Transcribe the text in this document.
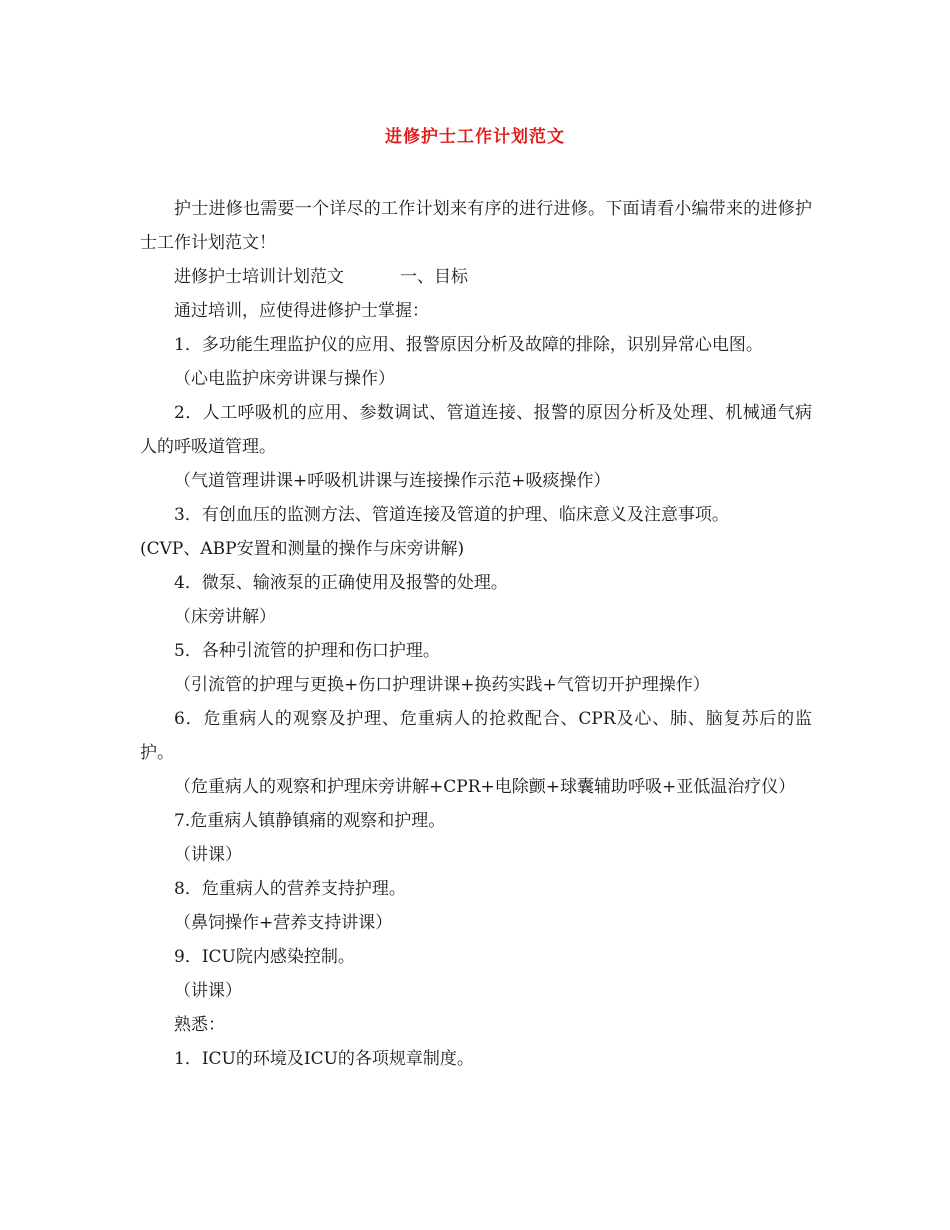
进修护士工作计划范文

护士进修也需要一个详尽的工作计划来有序的进行进修。下面请看小编带来的进修护士工作计划范文！

进修护士培训计划范文	一、目标

通过培训，应使得进修护士掌握：

1．多功能生理监护仪的应用、报警原因分析及故障的排除，识别异常心电图。

（心电监护床旁讲课与操作）

2．人工呼吸机的应用、参数调试、管道连接、报警的原因分析及处理、机械通气病人的呼吸道管理。

（气道管理讲课+呼吸机讲课与连接操作示范+吸痰操作）

3．有创血压的监测方法、管道连接及管道的护理、临床意义及注意事项。

(CVP、ABP安置和测量的操作与床旁讲解)

4．微泵、输液泵的正确使用及报警的处理。

（床旁讲解）

5．各种引流管的护理和伤口护理。

（引流管的护理与更换+伤口护理讲课+换药实践+气管切开护理操作）

6．危重病人的观察及护理、危重病人的抢救配合、CPR及心、肺、脑复苏后的监护。

（危重病人的观察和护理床旁讲解+CPR+电除颤+球囊辅助呼吸+亚低温治疗仪）

7.危重病人镇静镇痛的观察和护理。

（讲课）

8．危重病人的营养支持护理。

（鼻饲操作+营养支持讲课）

9．ICU院内感染控制。

（讲课）

熟悉：

1．ICU的环境及ICU的各项规章制度。
